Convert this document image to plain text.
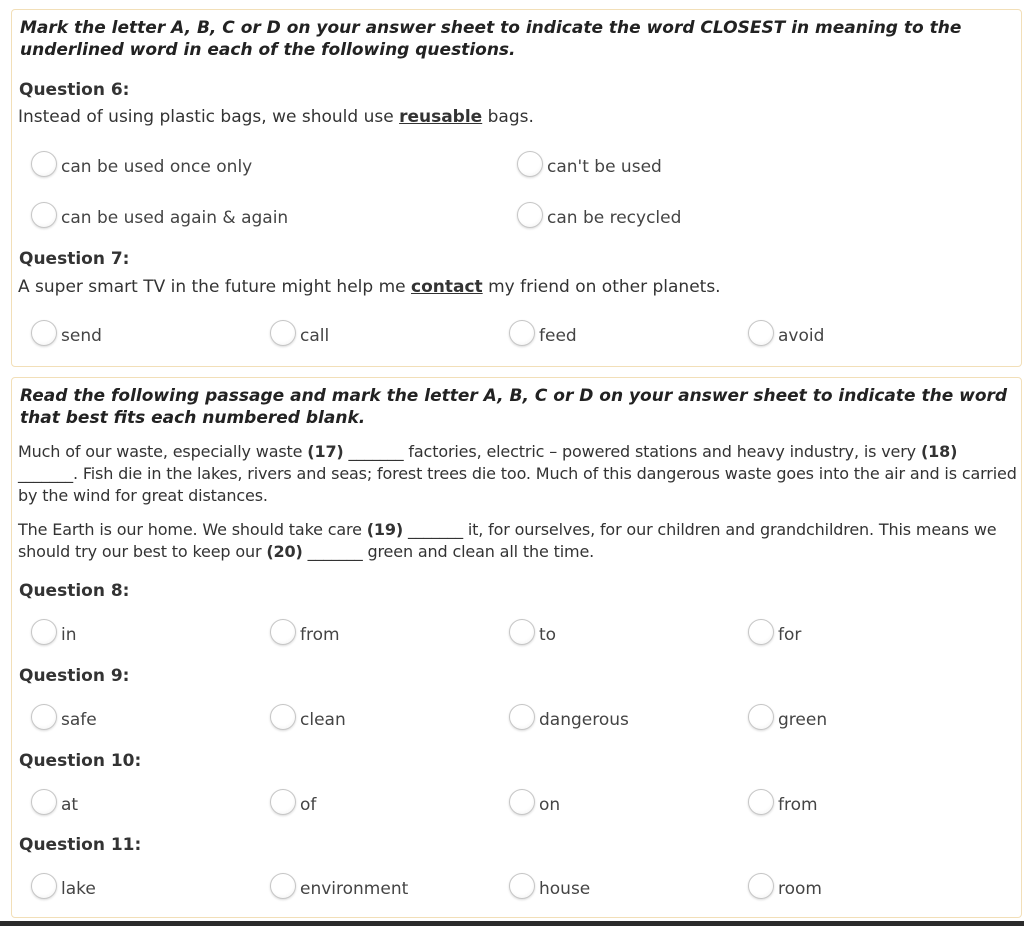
Mark the letter A, B, C or D on your answer sheet to indicate the word CLOSEST in meaning to the underlined word in each of the following questions.

Question 6:
Instead of using plastic bags, we should use reusable bags.
can be used once only	can't be used
can be used again & again	can be recycled
Question 7:
A super smart TV in the future might help me contact my friend on other planets.
send	call	feed	avoid

Read the following passage and mark the letter A, B, C or D on your answer sheet to indicate the word that best fits each numbered blank.

Much of our waste, especially waste (17) _______ factories, electric – powered stations and heavy industry, is very (18) _______. Fish die in the lakes, rivers and seas; forest trees die too. Much of this dangerous waste goes into the air and is carried by the wind for great distances.
The Earth is our home. We should take care (19) _______ it, for ourselves, for our children and grandchildren. This means we should try our best to keep our (20) _______ green and clean all the time.
Question 8:
in	from	to	for
Question 9:
safe	clean	dangerous	green
Question 10:
at	of	on	from
Question 11:
lake	environment	house	room
